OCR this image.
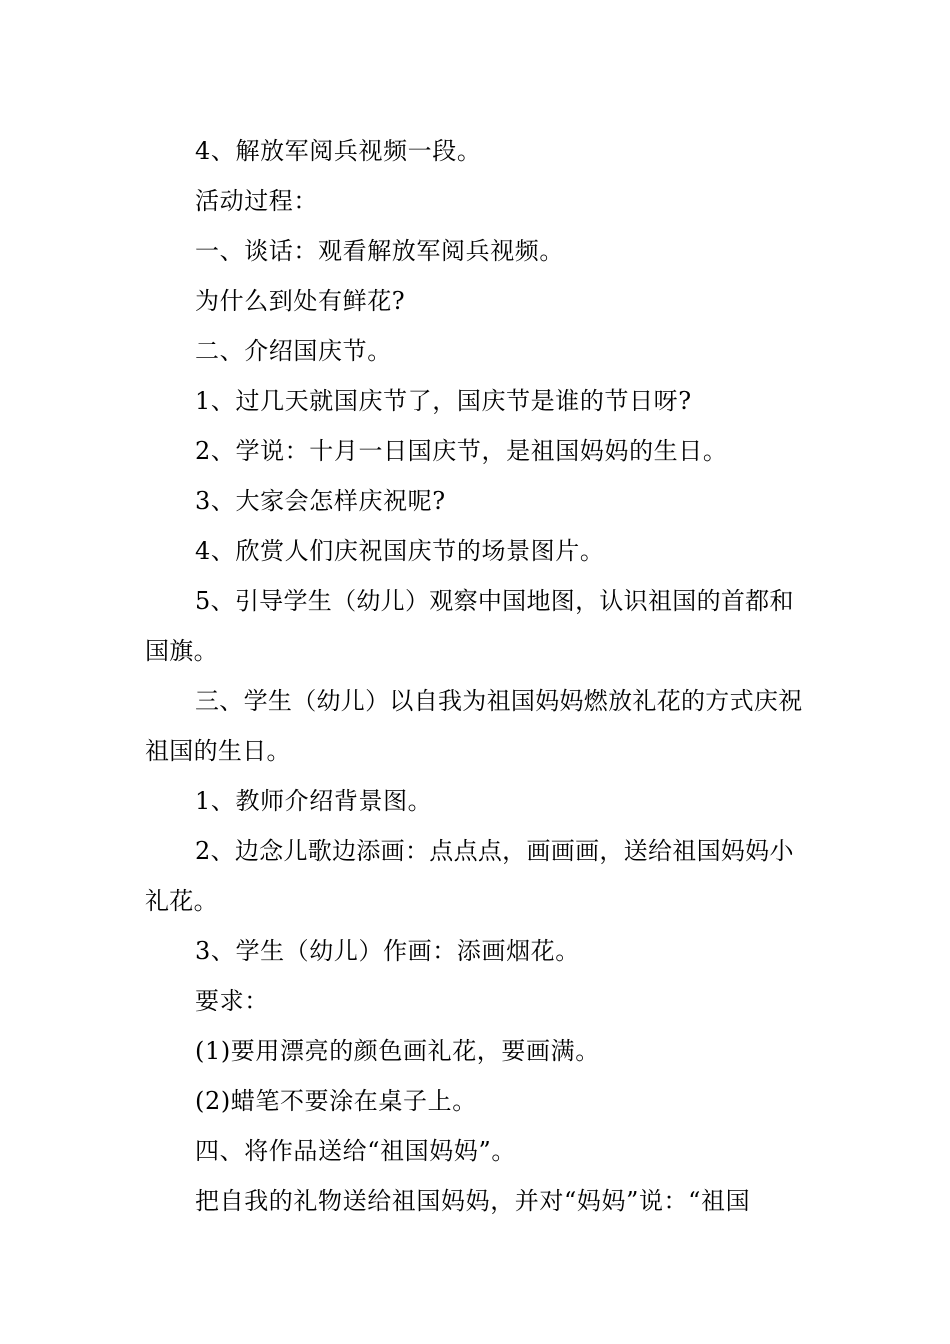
4、解放军阅兵视频一段。

活动过程：

一、谈话：观看解放军阅兵视频。

为什么到处有鲜花?

二、介绍国庆节。

1、过几天就国庆节了，国庆节是谁的节日呀?

2、学说：十月一日国庆节，是祖国妈妈的生日。

3、大家会怎样庆祝呢?

4、欣赏人们庆祝国庆节的场景图片。

5、引导学生（幼儿）观察中国地图，认识祖国的首都和国旗。

三、学生（幼儿）以自我为祖国妈妈燃放礼花的方式庆祝祖国的生日。

1、教师介绍背景图。

2、边念儿歌边添画：点点点，画画画，送给祖国妈妈小礼花。

3、学生（幼儿）作画：添画烟花。

要求：

(1)要用漂亮的颜色画礼花，要画满。

(2)蜡笔不要涂在桌子上。

四、将作品送给“祖国妈妈”。

把自我的礼物送给祖国妈妈，并对“妈妈”说：“祖国
